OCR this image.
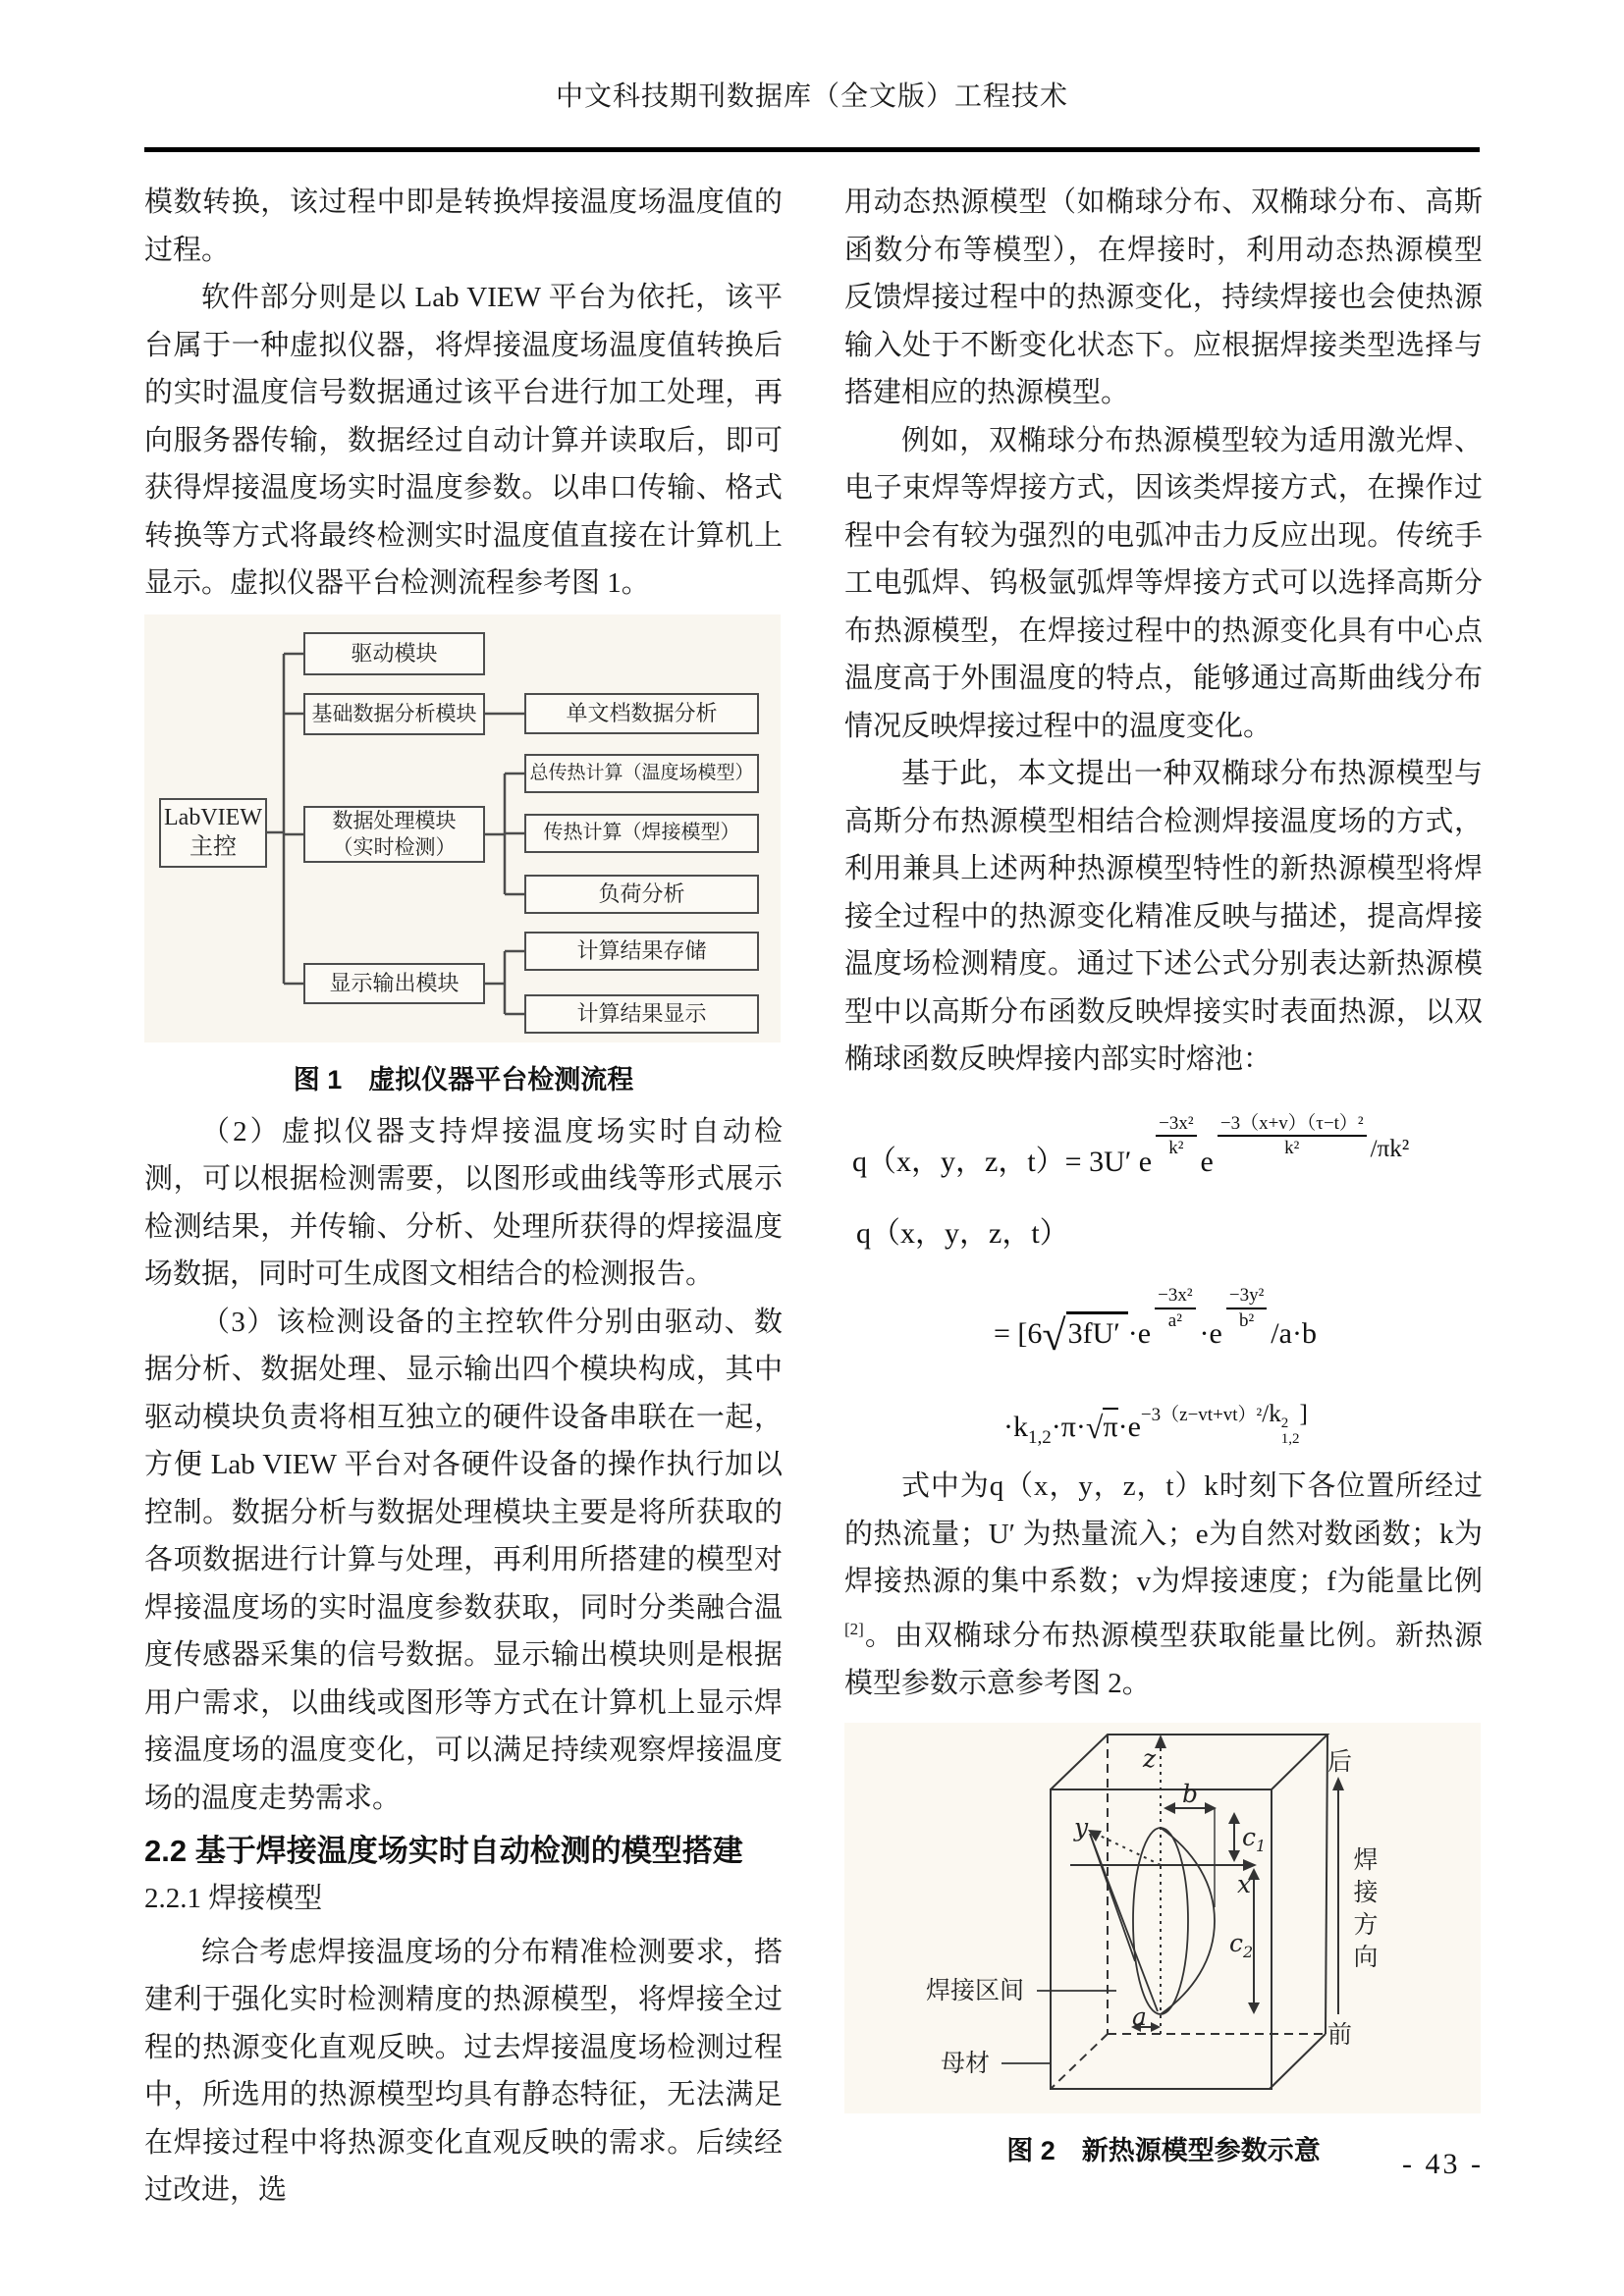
中文科技期刊数据库（全文版）工程技术

模数转换，该过程中即是转换焊接温度场温度值的过程。

软件部分则是以 Lab VIEW 平台为依托，该平台属于一种虚拟仪器，将焊接温度场温度值转换后的实时温度信号数据通过该平台进行加工处理，再向服务器传输，数据经过自动计算并读取后，即可获得焊接温度场实时温度参数。以串口传输、格式转换等方式将最终检测实时温度值直接在计算机上显示。虚拟仪器平台检测流程参考图 1。

LabVIEW
主控
驱动模块
基础数据分析模块
数据处理模块
（实时检测）
显示输出模块
单文档数据分析
总传热计算（温度场模型）
传热计算（焊接模型）
负荷分析
计算结果存储
计算结果显示
图 1　虚拟仪器平台检测流程

（2）虚拟仪器支持焊接温度场实时自动检测，可以根据检测需要，以图形或曲线等形式展示检测结果，并传输、分析、处理所获得的焊接温度场数据，同时可生成图文相结合的检测报告。

（3）该检测设备的主控软件分别由驱动、数据分析、数据处理、显示输出四个模块构成，其中驱动模块负责将相互独立的硬件设备串联在一起，方便 Lab VIEW 平台对各硬件设备的操作执行加以控制。数据分析与数据处理模块主要是将所获取的各项数据进行计算与处理，再利用所搭建的模型对焊接温度场的实时温度参数获取，同时分类融合温度传感器采集的信号数据。显示输出模块则是根据用户需求，以曲线或图形等方式在计算机上显示焊接温度场的温度变化，可以满足持续观察焊接温度场的温度走势需求。

2.2 基于焊接温度场实时自动检测的模型搭建
2.2.1 焊接模型

综合考虑焊接温度场的分布精准检测要求，搭建利于强化实时检测精度的热源模型，将焊接全过程的热源变化直观反映。过去焊接温度场检测过程中，所选用的热源模型均具有静态特征，无法满足在焊接过程中将热源变化直观反映的需求。后续经过改进，选

用动态热源模型（如椭球分布、双椭球分布、高斯函数分布等模型），在焊接时，利用动态热源模型反馈焊接过程中的热源变化，持续焊接也会使热源输入处于不断变化状态下。应根据焊接类型选择与搭建相应的热源模型。

例如，双椭球分布热源模型较为适用激光焊、电子束焊等焊接方式，因该类焊接方式，在操作过程中会有较为强烈的电弧冲击力反应出现。传统手工电弧焊、钨极氩弧焊等焊接方式可以选择高斯分布热源模型，在焊接过程中的热源变化具有中心点温度高于外围温度的特点，能够通过高斯曲线分布情况反映焊接过程中的温度变化。

基于此，本文提出一种双椭球分布热源模型与高斯分布热源模型相结合检测焊接温度场的方式，利用兼具上述两种热源模型特性的新热源模型将焊接全过程中的热源变化精准反映与描述，提高焊接温度场检测精度。通过下述公式分别表达新热源模型中以高斯分布函数反映焊接实时表面热源，以双椭球函数反映焊接内部实时熔池：

q（x，y，z，t）= 3U′ e
$\frac{\text{−3x²}}{\text{k²}}$
e
$\frac{\text{−3（x+v）（τ−t）²}}{\text{k²}} ^{/\pi k^2}$
q（x，y，z，t）
= [6√3fU′ ·e
$\frac{\text{−3x²}}{\text{a²}}$
·e
$\frac{\text{−3y²}}{\text{b²}}$
/a·b
$\cdot k_{1,2}\cdot\pi\cdot√\pi\cdot e^{-3(z-vt+vt)^2/k 2 1,2 ]}$

式中为q（x，y，z，t）k时刻下各位置所经过的热流量；U′ 为热量流入；e为自然对数函数；k为焊接热源的集中系数；v为焊接速度；f为能量比例[2]。由双椭球分布热源模型获取能量比例。新热源模型参数示意参考图 2。

z
y
x
b
$c_1$
$c_2$
a
焊接区间
母材
后
前
焊接方向
图 2　新热源模型参数示意	- 43 -
